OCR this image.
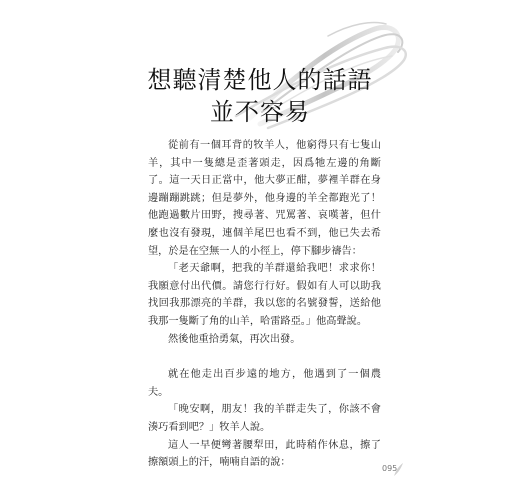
想聽清楚他人的話語
並不容易

從前有一個耳背的牧羊人，他窮得只有七隻山羊，其中一隻總是歪著頭走，因爲牠左邊的角斷了。這一天日正當中，他大夢正酣，夢裡羊群在身邊蹦蹦跳跳；但是夢外，他身邊的羊全都跑光了！他跑過數片田野，搜尋著、咒罵著、哀嘆著，但什麼也沒有發現，連個羊尾巴也看不到，他已失去希望，於是在空無一人的小徑上，停下腳步禱告：

「老天爺啊，把我的羊群還給我吧！求求你！我願意付出代價。請您行行好。假如有人可以助我找回我那漂亮的羊群，我以您的名號發誓，送給他我那一隻斷了角的山羊，哈雷路亞。」他高聲說。

然後他重拾勇氣，再次出發。

就在他走出百步遠的地方，他遇到了一個農夫。

「晚安啊，朋友！我的羊群走失了，你該不會湊巧看到吧？」牧羊人說。

這人一早便彎著腰犁田，此時稍作休息，擦了擦額頭上的汗，喃喃自語的說：

095
